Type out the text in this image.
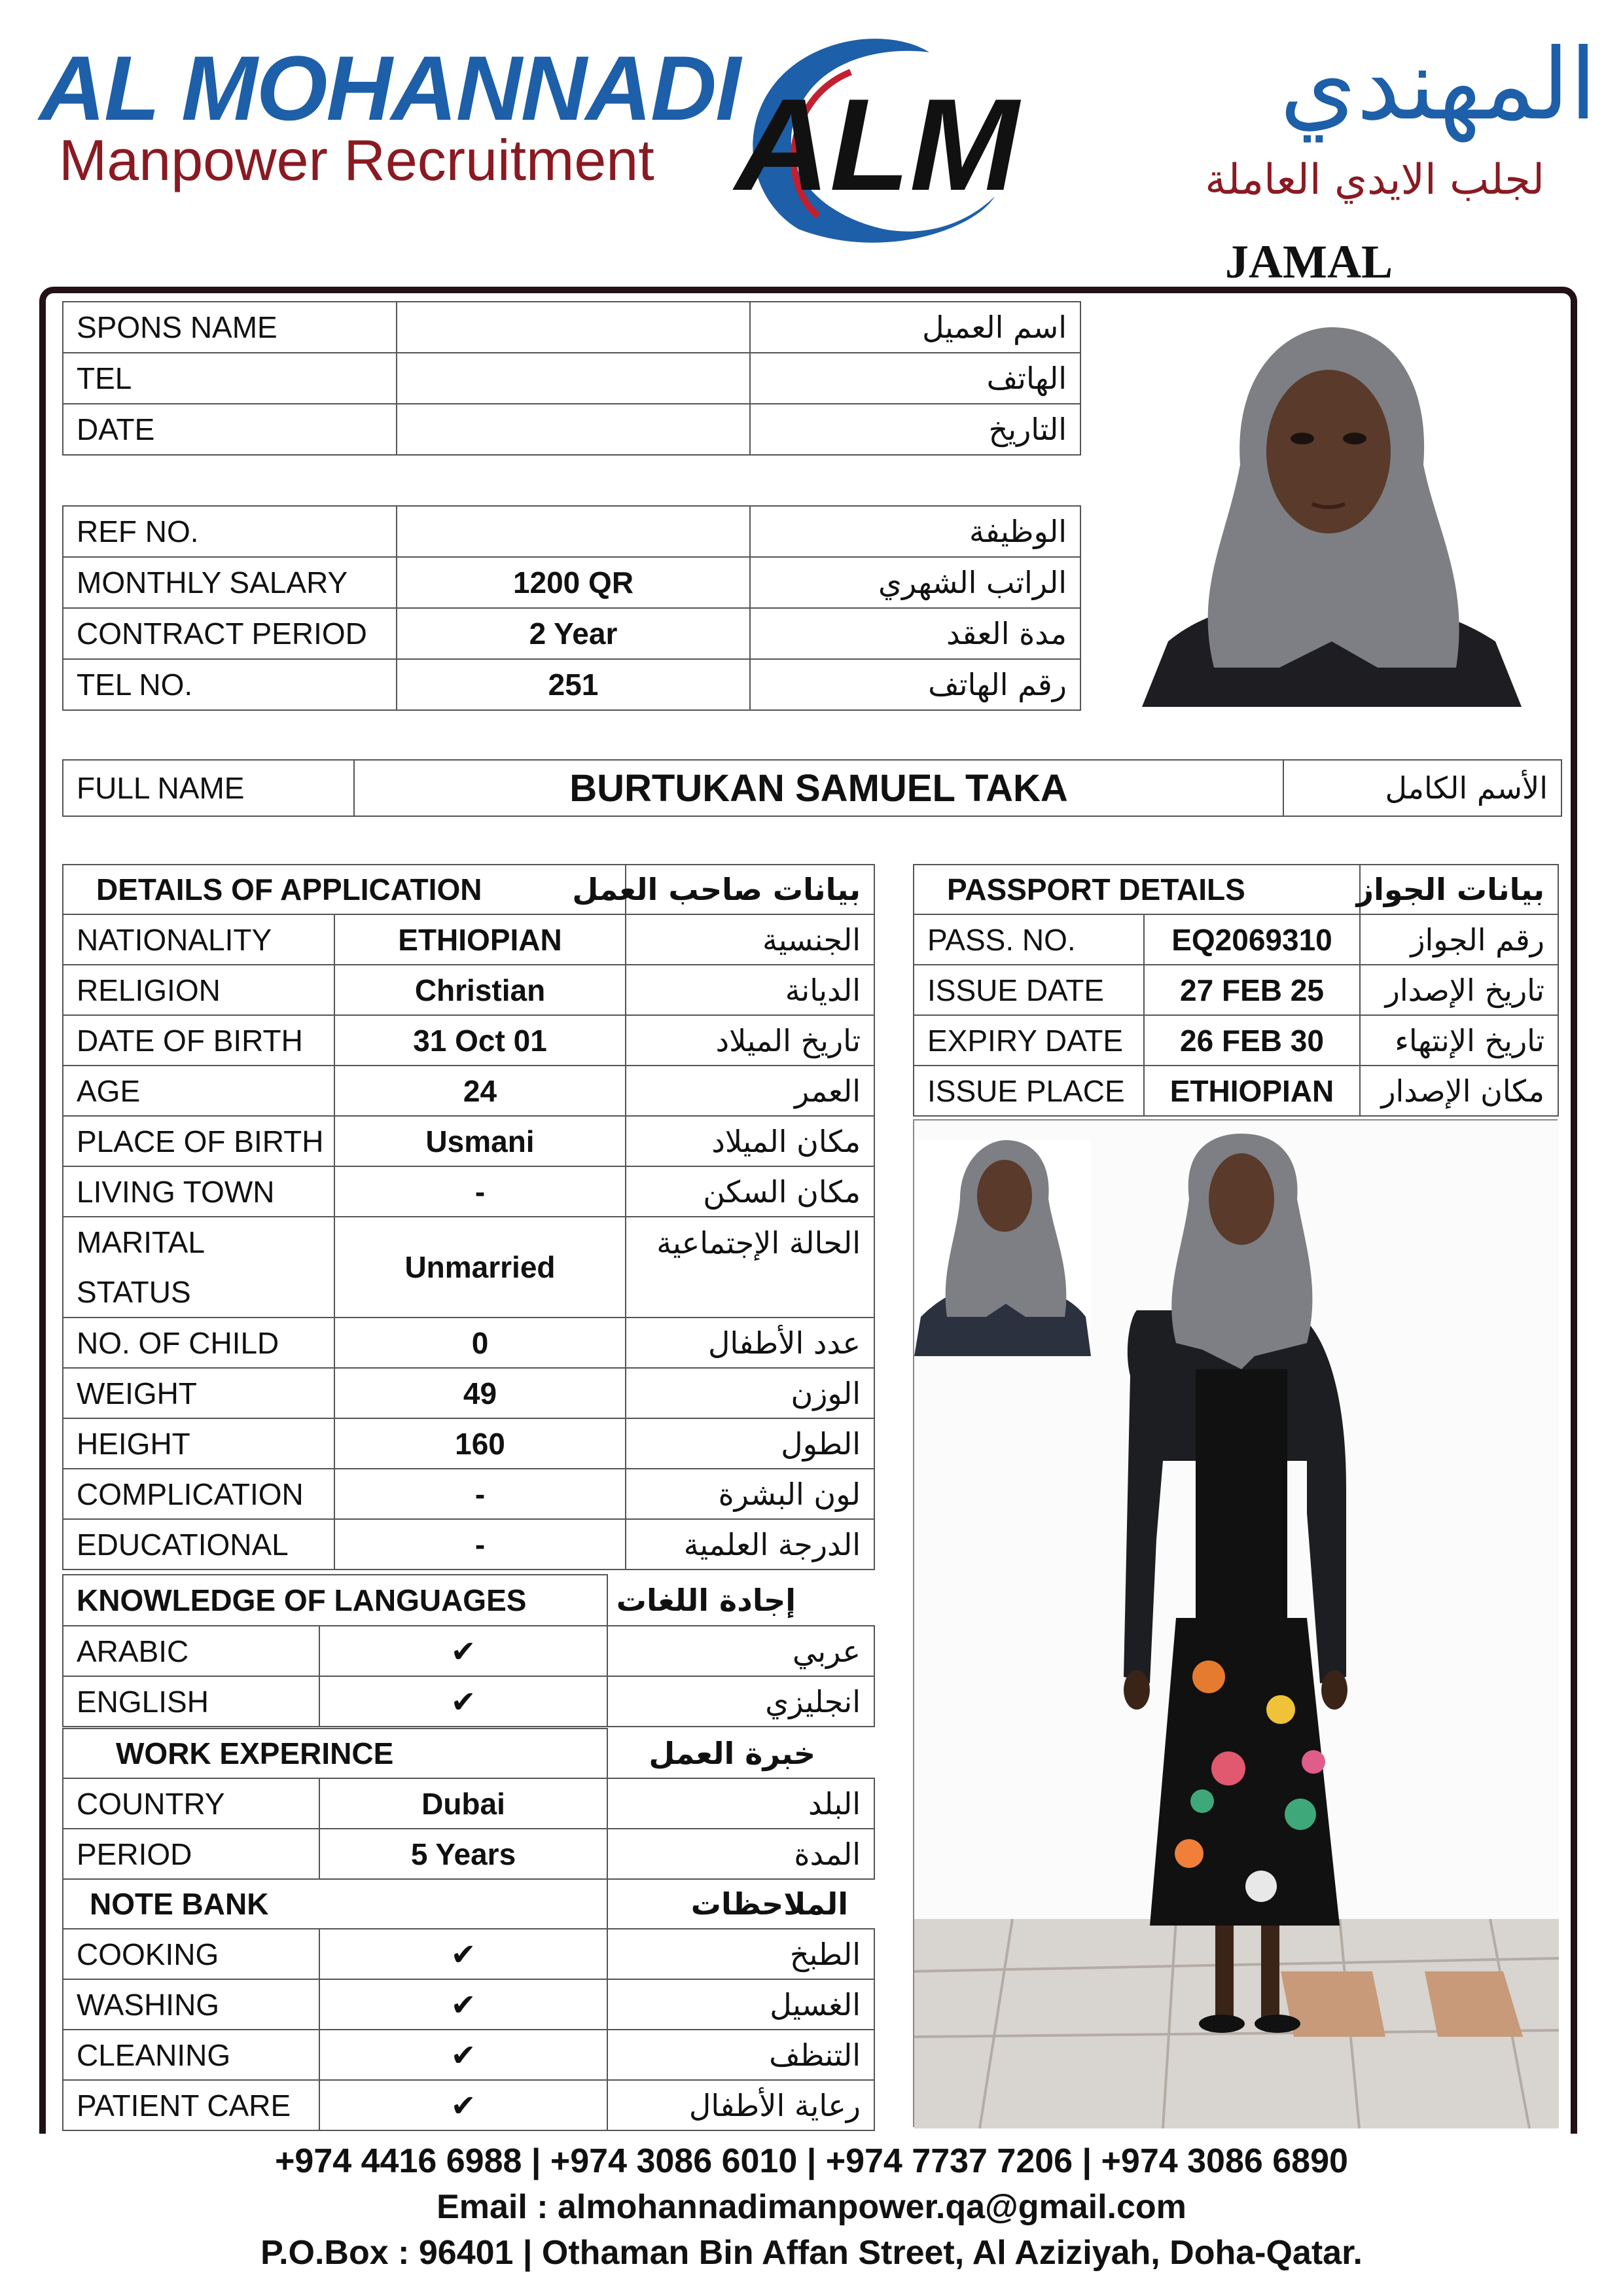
AL MOHANNADI
Manpower Recruitment ALM	المهندي
لجلب الايدي العاملة
JAMAL
SPONS NAME		اسم العميل
TEL		الهاتف
DATE		التاريخ
REF NO.		الوظيفة
MONTHLY SALARY	1200 QR	الراتب الشهري
CONTRACT PERIOD	2 Year	مدة العقد
TEL NO.	251	رقم الهاتف
FULL NAME	BURTUKAN SAMUEL TAKA	الأسم الكامل
DETAILS OF APPLICATION		بيانات صاحب العمل
NATIONALITY	ETHIOPIAN	الجنسية
RELIGION	Christian	الديانة
DATE OF BIRTH	31 Oct 01	تاريخ الميلاد
AGE	24	العمر
PLACE OF BIRTH	Usmani	مكان الميلاد
LIVING TOWN	-	مكان السكن

MARITAL
STATUS	Unmarried	الحالة الإجتماعية
NO. OF CHILD	0	عدد الأطفال
WEIGHT	49	الوزن
HEIGHT	160	الطول
COMPLICATION	-	لون البشرة
EDUCATIONAL	-	الدرجة العلمية
KNOWLEDGE OF LANGUAGES		إجادة اللغات
ARABIC	✔	عربي
ENGLISH	✔	انجليزي
WORK EXPERINCE		خبرة العمل
COUNTRY	Dubai	البلد
PERIOD	5 Years	المدة
NOTE BANK		الملاحظات
COOKING	✔	الطبخ
WASHING	✔	الغسيل
CLEANING	✔	التنظف
PATIENT CARE	✔	رعاية الأطفال
PASSPORT DETAILS		بيانات الجواز
PASS. NO.	EQ2069310	رقم الجواز
ISSUE DATE	27 FEB 25	تاريخ الإصدار
EXPIRY DATE	26 FEB 30	تاريخ الإنتهاء
ISSUE PLACE	ETHIOPIAN	مكان الإصدار
+974 4416 6988 | +974 3086 6010 | +974 7737 7206 | +974 3086 6890
Email : almohannadimanpower.qa@gmail.com
P.O.Box : 96401 | Othaman Bin Affan Street, Al Aziziyah, Doha-Qatar.
